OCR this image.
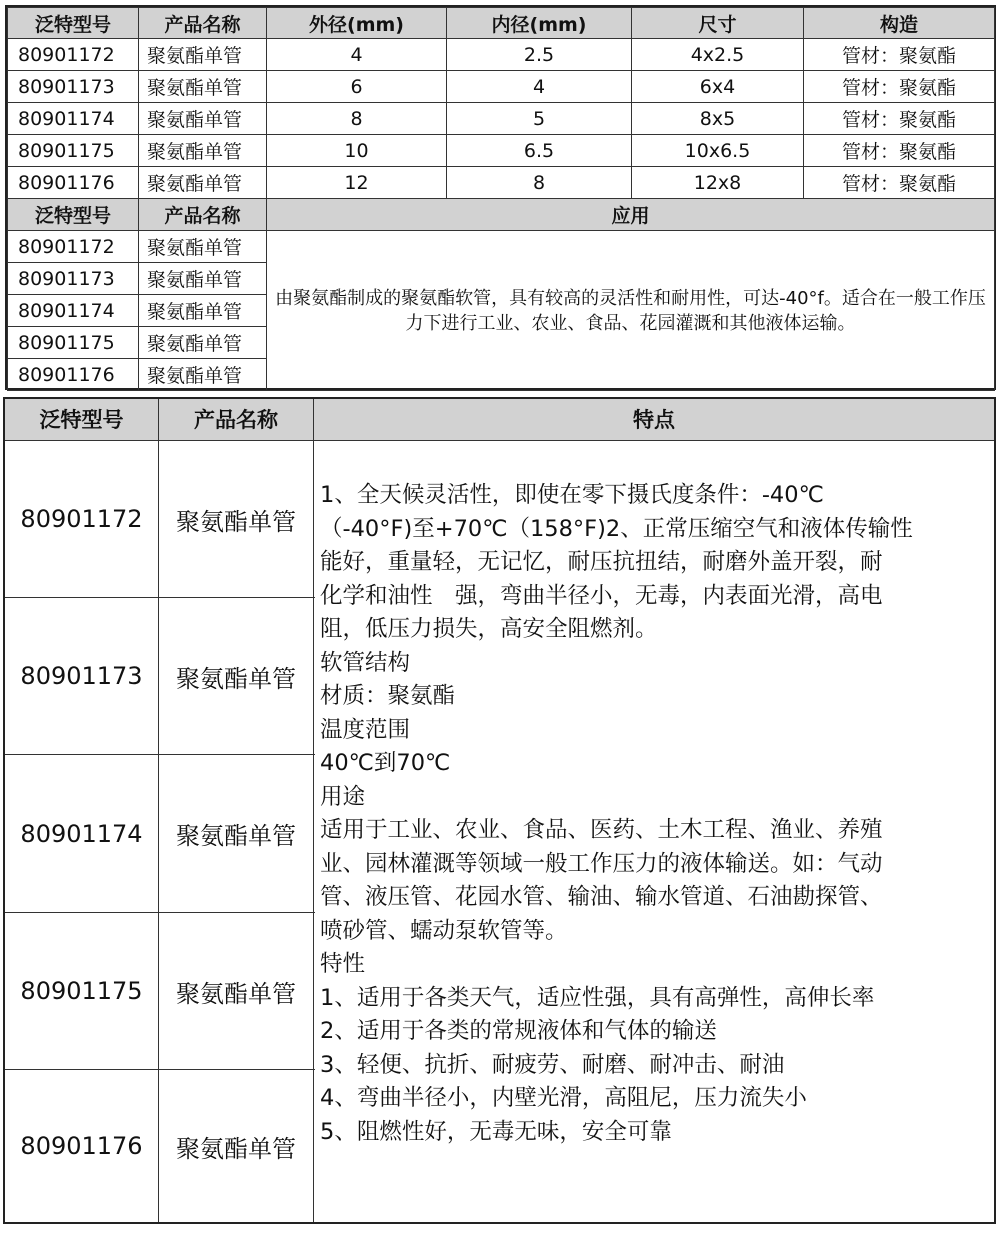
泛特型号	产品名称	外径(mm)	内径(mm)	尺寸	构造
80901172	聚氨酯单管	4	2.5	4x2.5	管材：聚氨酯
80901173	聚氨酯单管	6	4	6x4	管材：聚氨酯
80901174	聚氨酯单管	8	5	8x5	管材：聚氨酯
80901175	聚氨酯单管	10	6.5	10x6.5	管材：聚氨酯
80901176	聚氨酯单管	12	8	12x8	管材：聚氨酯
泛特型号	产品名称	应用			
80901172	聚氨酯单管	由聚氨酯制成的聚氨酯软管，具有较高的灵活性和耐用性，可达-40°f。适合在一般工作压力下进行工业、农业、食品、花园灌溉和其他液体运输。			
80901173	聚氨酯单管				
80901174	聚氨酯单管				
80901175	聚氨酯单管				
80901176	聚氨酯单管				
泛特型号	产品名称	特点
80901172	聚氨酯单管
80901173	聚氨酯单管
80901174	聚氨酯单管
80901175	聚氨酯单管
80901176	聚氨酯单管
1、全天候灵活性，即使在零下摄氏度条件：-40℃
（-40°F)至+70℃（158°F)2、正常压缩空气和液体传输性
能好，重量轻，无记忆，耐压抗扭结，耐磨外盖开裂，耐
化学和油性　强，弯曲半径小，无毒，内表面光滑，高电
阻，低压力损失，高安全阻燃剂。
软管结构
材质：聚氨酯
温度范围
40℃到70℃
用途
适用于工业、农业、食品、医药、土木工程、渔业、养殖
业、园林灌溉等领域一般工作压力的液体输送。如：气动
管、液压管、花园水管、输油、输水管道、石油勘探管、
喷砂管、蠕动泵软管等。
特性
1、适用于各类天气，适应性强，具有高弹性，高伸长率
2、适用于各类的常规液体和气体的输送
3、轻便、抗折、耐疲劳、耐磨、耐冲击、耐油
4、弯曲半径小，内壁光滑，高阻尼，压力流失小
5、阻燃性好，无毒无味，安全可靠
